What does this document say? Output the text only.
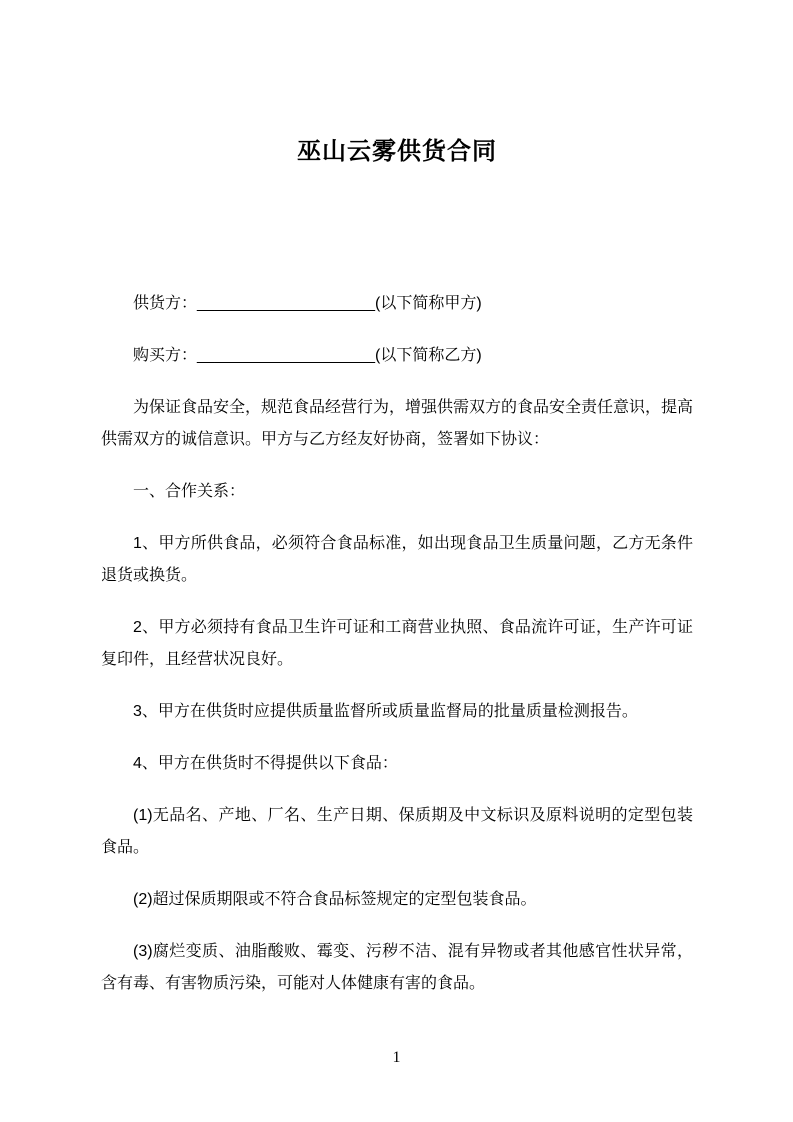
巫山云雾供货合同

供货方：____________________(以下简称甲方)

购买方：____________________(以下简称乙方)

为保证食品安全，规范食品经营行为，增强供需双方的食品安全责任意识，提高供需双方的诚信意识。甲方与乙方经友好协商，签署如下协议：

一、合作关系：

1、甲方所供食品，必须符合食品标准，如出现食品卫生质量问题，乙方无条件退货或换货。

2、甲方必须持有食品卫生许可证和工商营业执照、食品流许可证，生产许可证复印件，且经营状况良好。

3、甲方在供货时应提供质量监督所或质量监督局的批量质量检测报告。

4、甲方在供货时不得提供以下食品：

(1)无品名、产地、厂名、生产日期、保质期及中文标识及原料说明的定型包装食品。

(2)超过保质期限或不符合食品标签规定的定型包装食品。

(3)腐烂变质、油脂酸败、霉变、污秽不洁、混有异物或者其他感官性状异常，含有毒、有害物质污染，可能对人体健康有害的食品。

1
